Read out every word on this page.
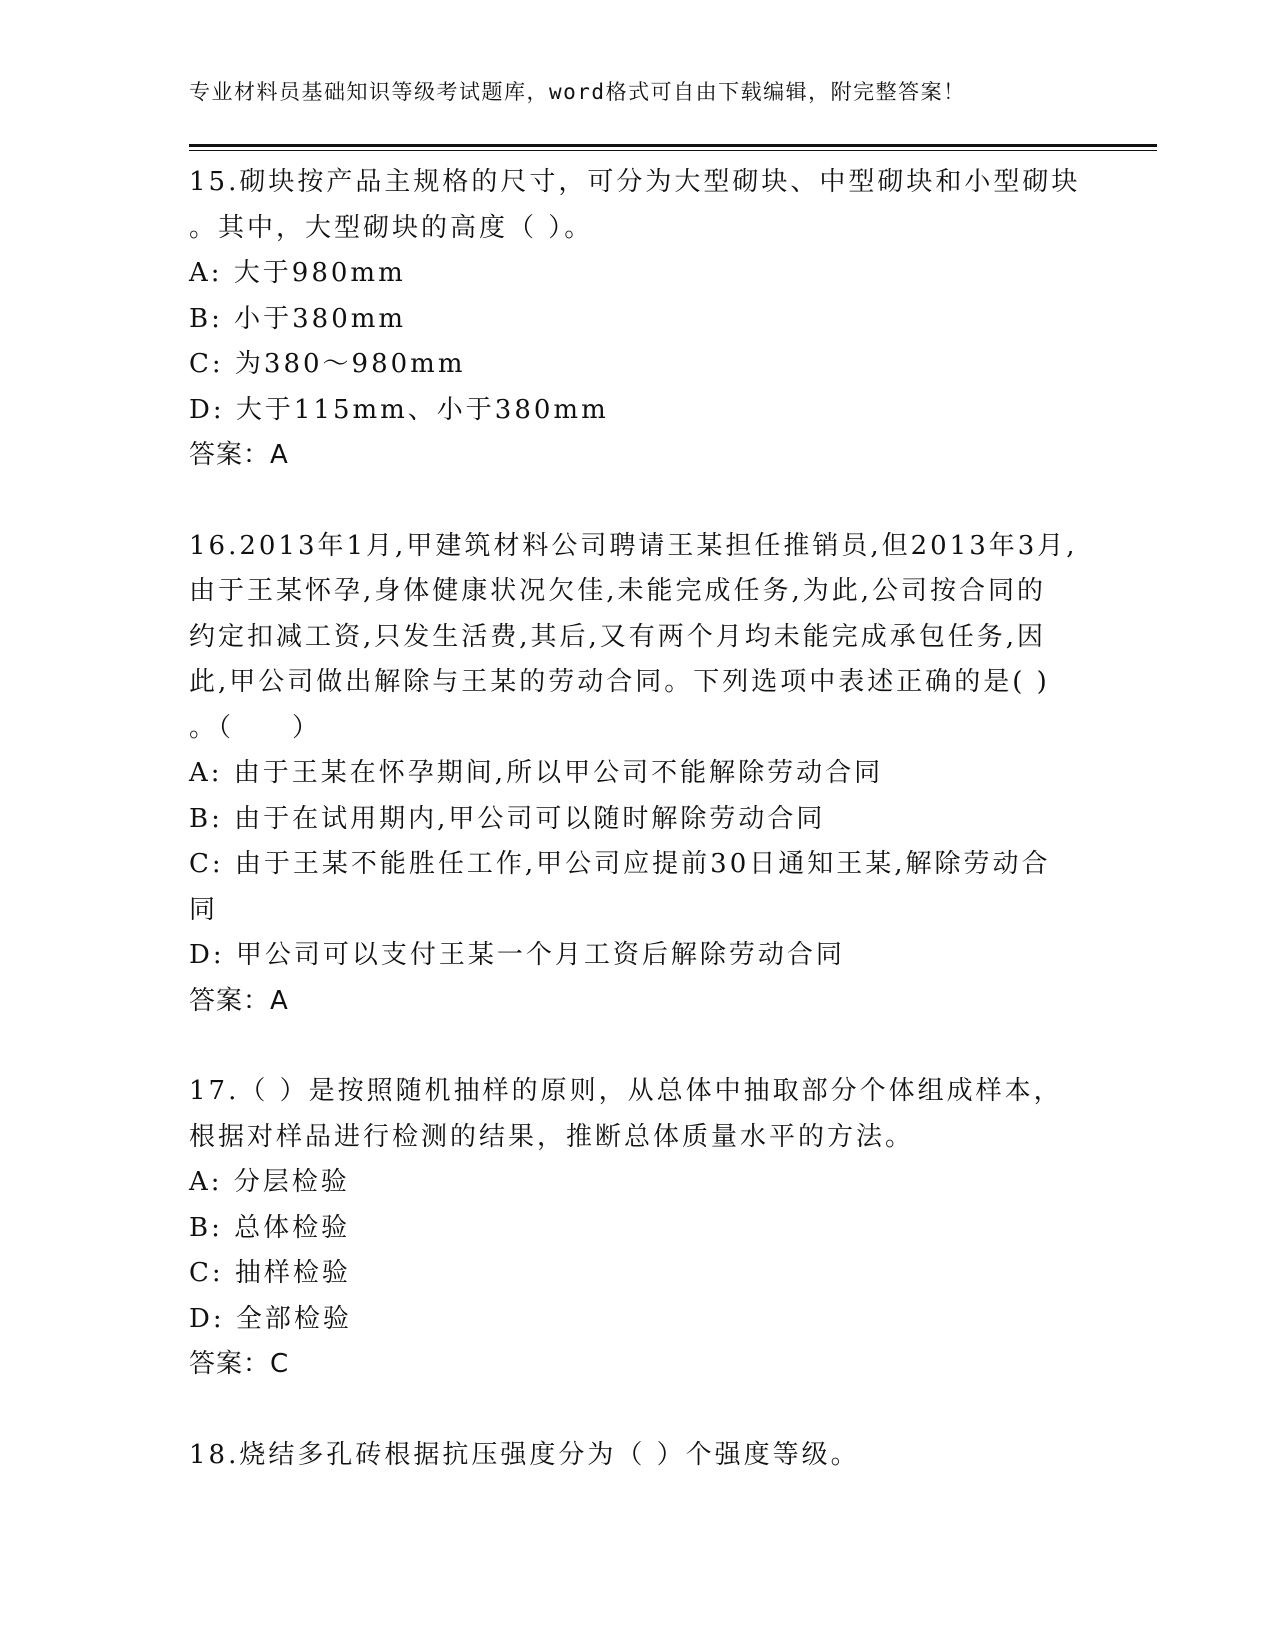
专业材料员基础知识等级考试题库，word格式可自由下载编辑，附完整答案！
15.砌块按产品主规格的尺寸，可分为大型砌块、中型砌块和小型砌块
。其中，大型砌块的高度（ ）。
A: 大于980mm
B: 小于380mm
C: 为380～980mm
D: 大于115mm、小于380mm
答案：A
16.2013年1月,甲建筑材料公司聘请王某担任推销员,但2013年3月,
由于王某怀孕,身体健康状况欠佳,未能完成任务,为此,公司按合同的
约定扣减工资,只发生活费,其后,又有两个月均未能完成承包任务,因
此,甲公司做出解除与王某的劳动合同。下列选项中表述正确的是( )
。（　　）
A: 由于王某在怀孕期间,所以甲公司不能解除劳动合同
B: 由于在试用期内,甲公司可以随时解除劳动合同
C: 由于王某不能胜任工作,甲公司应提前30日通知王某,解除劳动合
同
D: 甲公司可以支付王某一个月工资后解除劳动合同
答案：A
17.（ ）是按照随机抽样的原则，从总体中抽取部分个体组成样本，
根据对样品进行检测的结果，推断总体质量水平的方法。
A: 分层检验
B: 总体检验
C: 抽样检验
D: 全部检验
答案：C
18.烧结多孔砖根据抗压强度分为（ ）个强度等级。
